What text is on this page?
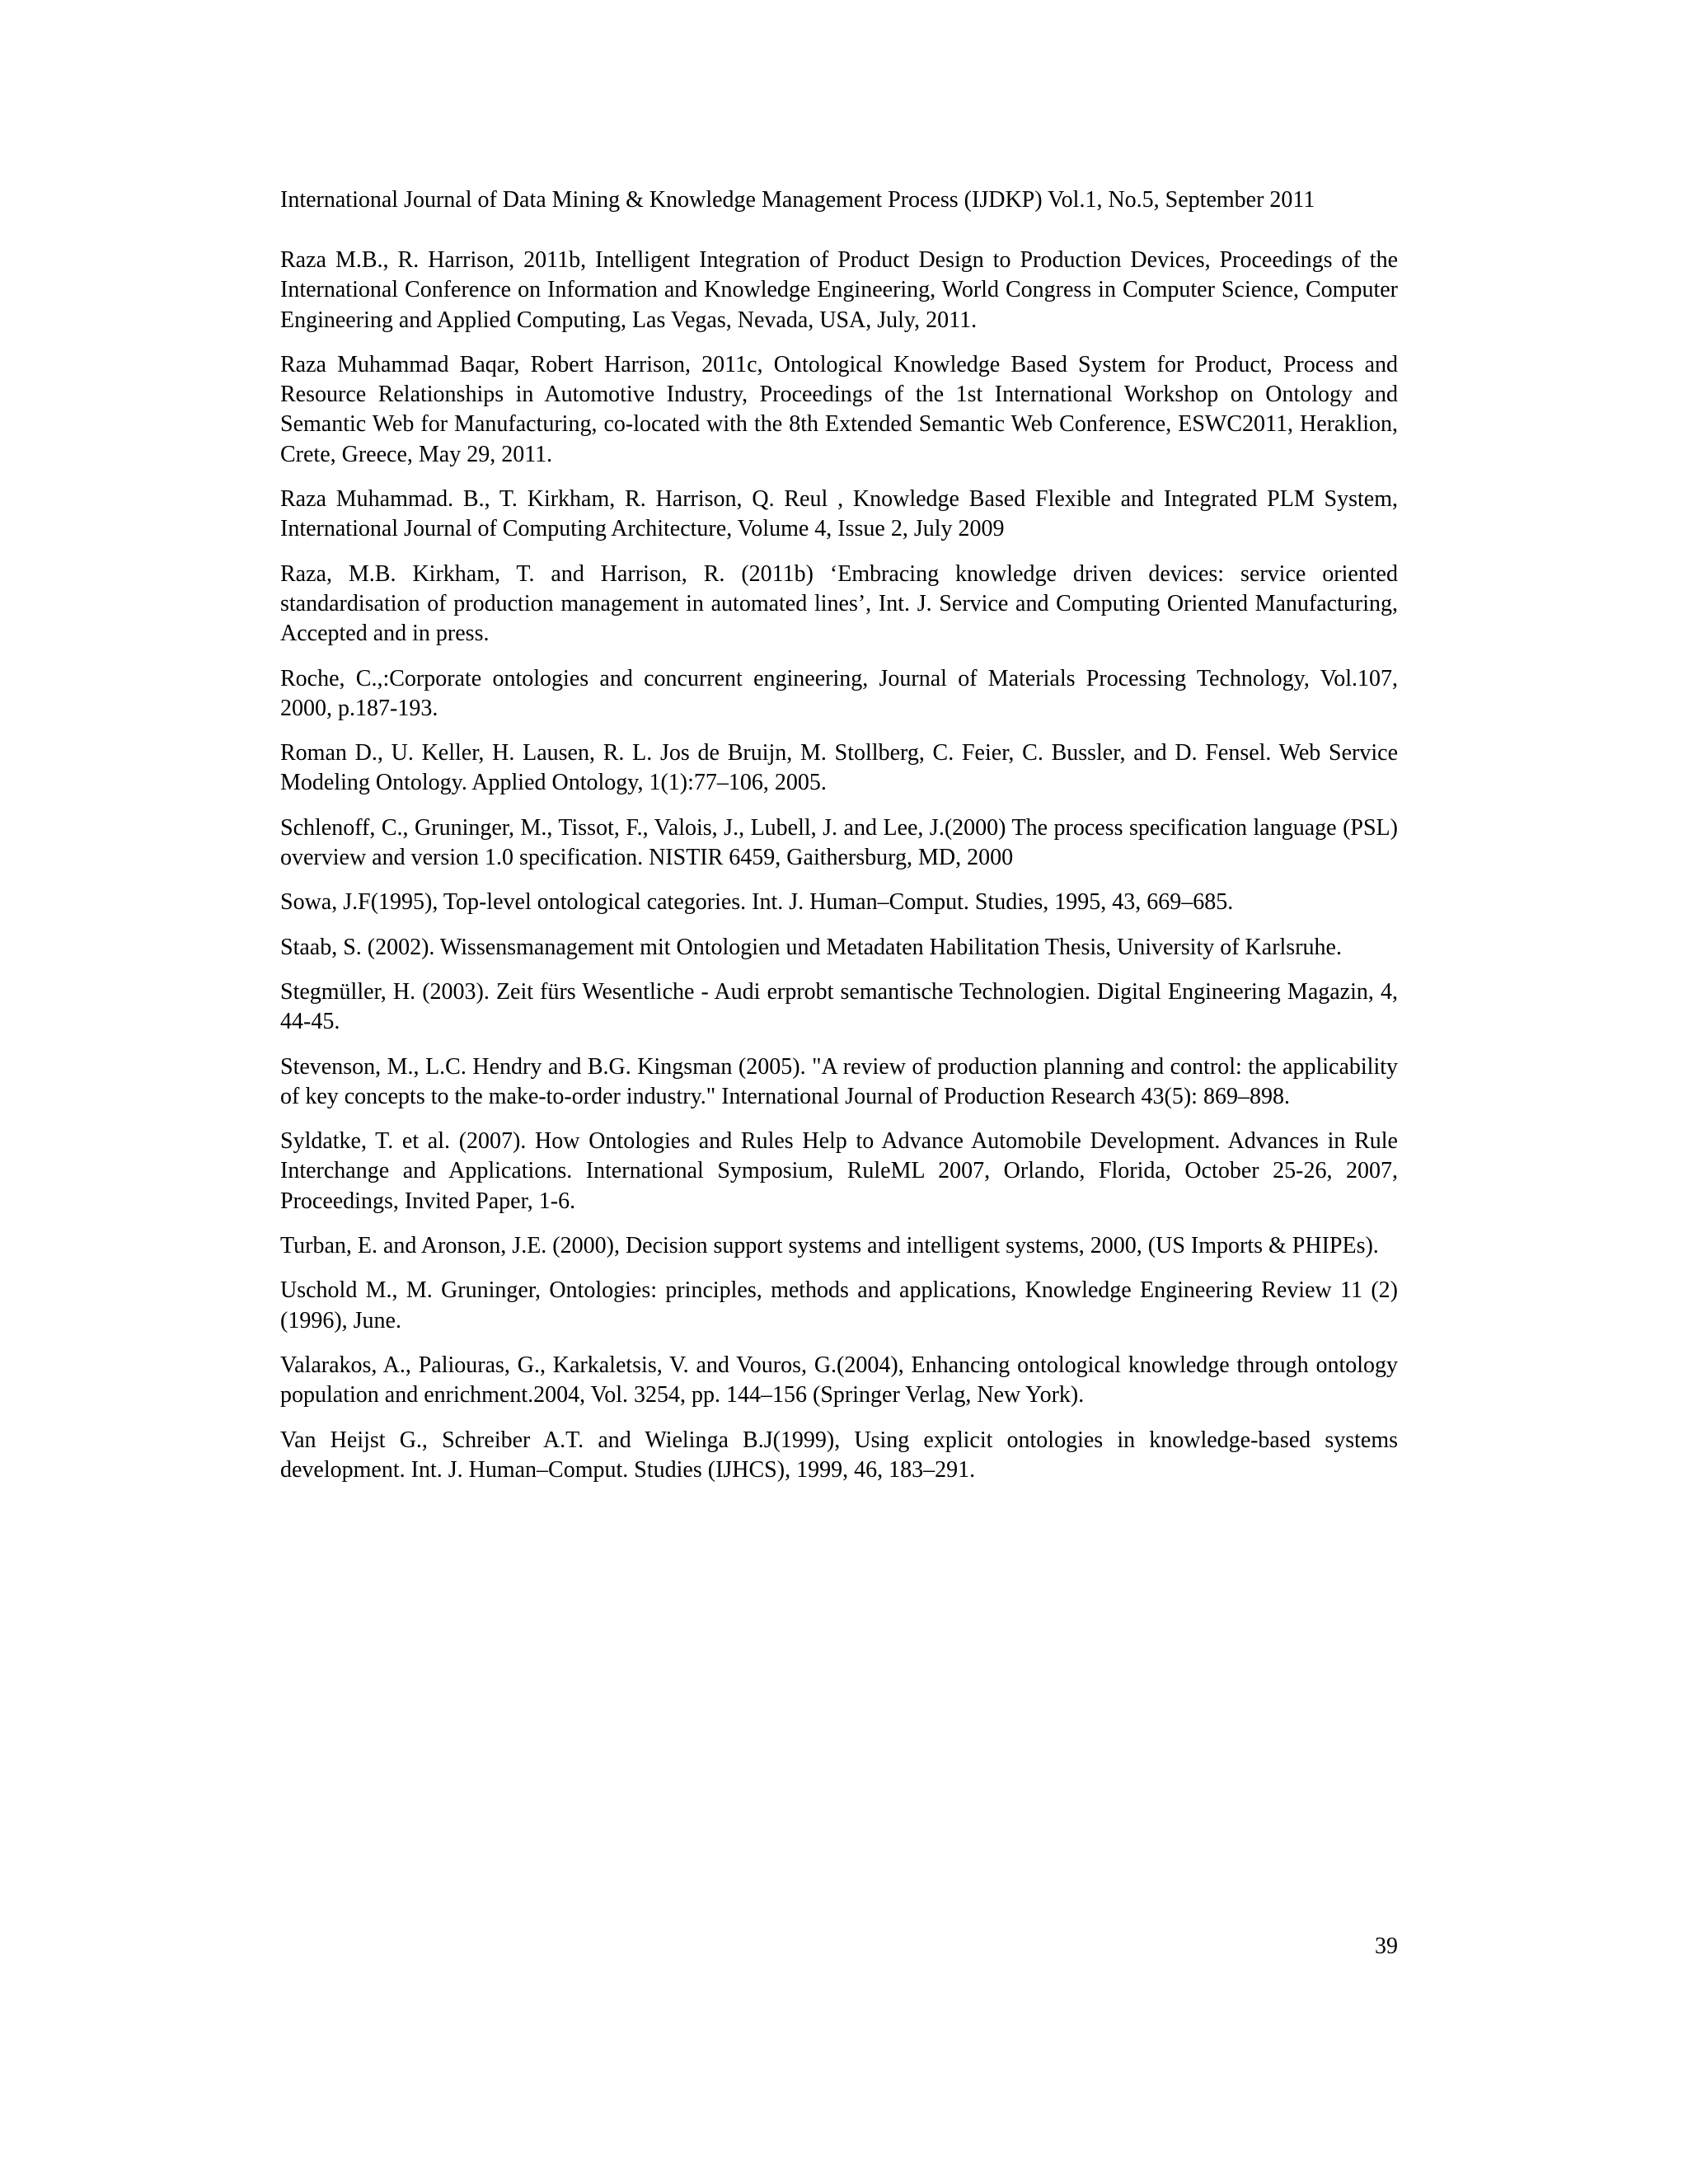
International Journal of Data Mining & Knowledge Management Process (IJDKP) Vol.1, No.5, September 2011
Raza M.B., R. Harrison, 2011b, Intelligent Integration of Product Design to Production Devices, Proceedings of the International Conference on Information and Knowledge Engineering, World Congress in Computer Science, Computer Engineering and Applied Computing, Las Vegas, Nevada, USA, July, 2011.
Raza Muhammad Baqar, Robert Harrison, 2011c, Ontological Knowledge Based System for Product, Process and Resource Relationships in Automotive Industry, Proceedings of the 1st International Workshop on Ontology and Semantic Web for Manufacturing, co-located with the 8th Extended Semantic Web Conference, ESWC2011, Heraklion, Crete, Greece, May 29, 2011.
Raza Muhammad. B., T. Kirkham, R. Harrison, Q. Reul , Knowledge Based Flexible and Integrated PLM System, International Journal of Computing Architecture, Volume 4, Issue 2, July 2009
Raza, M.B. Kirkham, T. and Harrison, R. (2011b) ‘Embracing knowledge driven devices: service oriented standardisation of production management in automated lines’, Int. J. Service and Computing Oriented Manufacturing, Accepted and in press.
Roche, C.,:Corporate ontologies and concurrent engineering, Journal of Materials Processing Technology, Vol.107, 2000, p.187-193.
Roman D., U. Keller, H. Lausen, R. L. Jos de Bruijn, M. Stollberg, C. Feier, C. Bussler, and D. Fensel. Web Service Modeling Ontology. Applied Ontology, 1(1):77–106, 2005.
Schlenoff, C., Gruninger, M., Tissot, F., Valois, J., Lubell, J. and Lee, J.(2000) The process specification language (PSL) overview and version 1.0 specification. NISTIR 6459, Gaithersburg, MD, 2000
Sowa, J.F(1995), Top-level ontological categories. Int. J. Human–Comput. Studies, 1995, 43, 669–685.
Staab, S. (2002). Wissensmanagement mit Ontologien und Metadaten Habilitation Thesis, University of Karlsruhe.
Stegmüller, H. (2003). Zeit fürs Wesentliche - Audi erprobt semantische Technologien. Digital Engineering Magazin, 4, 44-45.
Stevenson, M., L.C. Hendry and B.G. Kingsman (2005). "A review of production planning and control: the applicability of key concepts to the make-to-order industry." International Journal of Production Research 43(5): 869–898.
Syldatke, T. et al. (2007). How Ontologies and Rules Help to Advance Automobile Development. Advances in Rule Interchange and Applications. International Symposium, RuleML 2007, Orlando, Florida, October 25-26, 2007, Proceedings, Invited Paper, 1-6.
Turban, E. and Aronson, J.E. (2000), Decision support systems and intelligent systems, 2000, (US Imports & PHIPEs).
Uschold M., M. Gruninger, Ontologies: principles, methods and applications, Knowledge Engineering Review 11 (2) (1996), June.
Valarakos, A., Paliouras, G., Karkaletsis, V. and Vouros, G.(2004), Enhancing ontological knowledge through ontology population and enrichment.2004, Vol. 3254, pp. 144–156 (Springer Verlag, New York).
Van Heijst G., Schreiber A.T. and Wielinga B.J(1999), Using explicit ontologies in knowledge-based systems development. Int. J. Human–Comput. Studies (IJHCS), 1999, 46, 183–291.
39
